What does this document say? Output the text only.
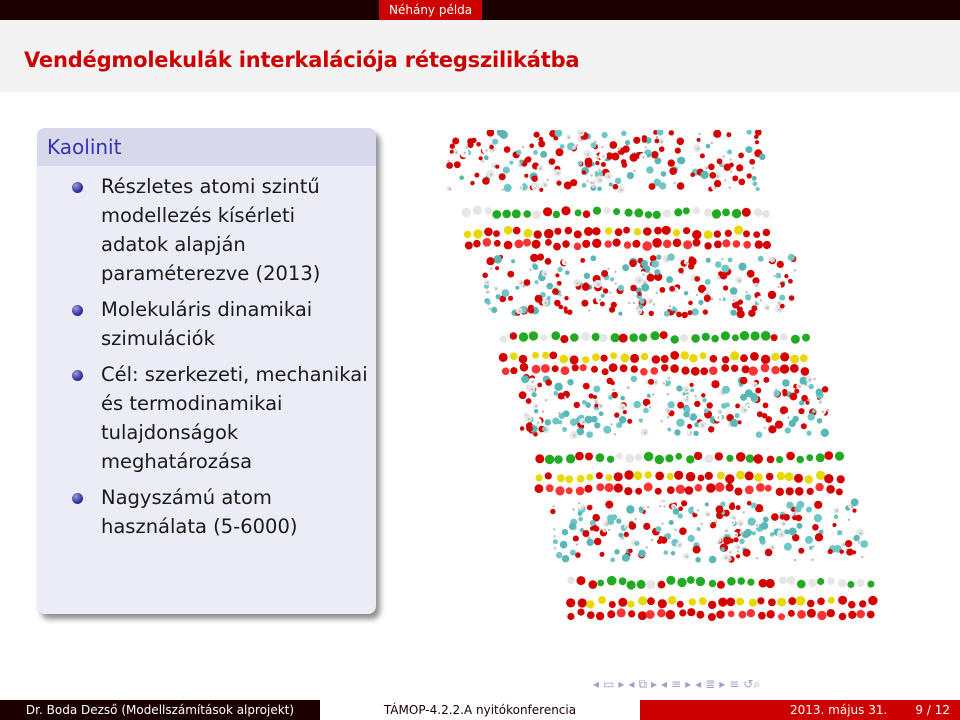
Néhány példa
Vendégmolekulák interkalációja rétegszilikátba
Kaolinit
Részletes atomi szintű modellezés kísérleti adatok alapján paraméterezve (2013)
Molekuláris dinamikai szimulációk
Cél: szerkezeti, mechanikai és termodinamikai tulajdonságok meghatározása
Nagyszámú atom használata (5-6000)
◂ ▭ ▸ ◂ ⧉ ▸ ◂ ≡ ▸ ◂ ≣ ▸ ≡ ↺⌕
Dr. Boda Dezső (Modellszámítások alprojekt)	TÁMOP-4.2.2.A nyitókonferencia	2013. május 31. 9 / 12
